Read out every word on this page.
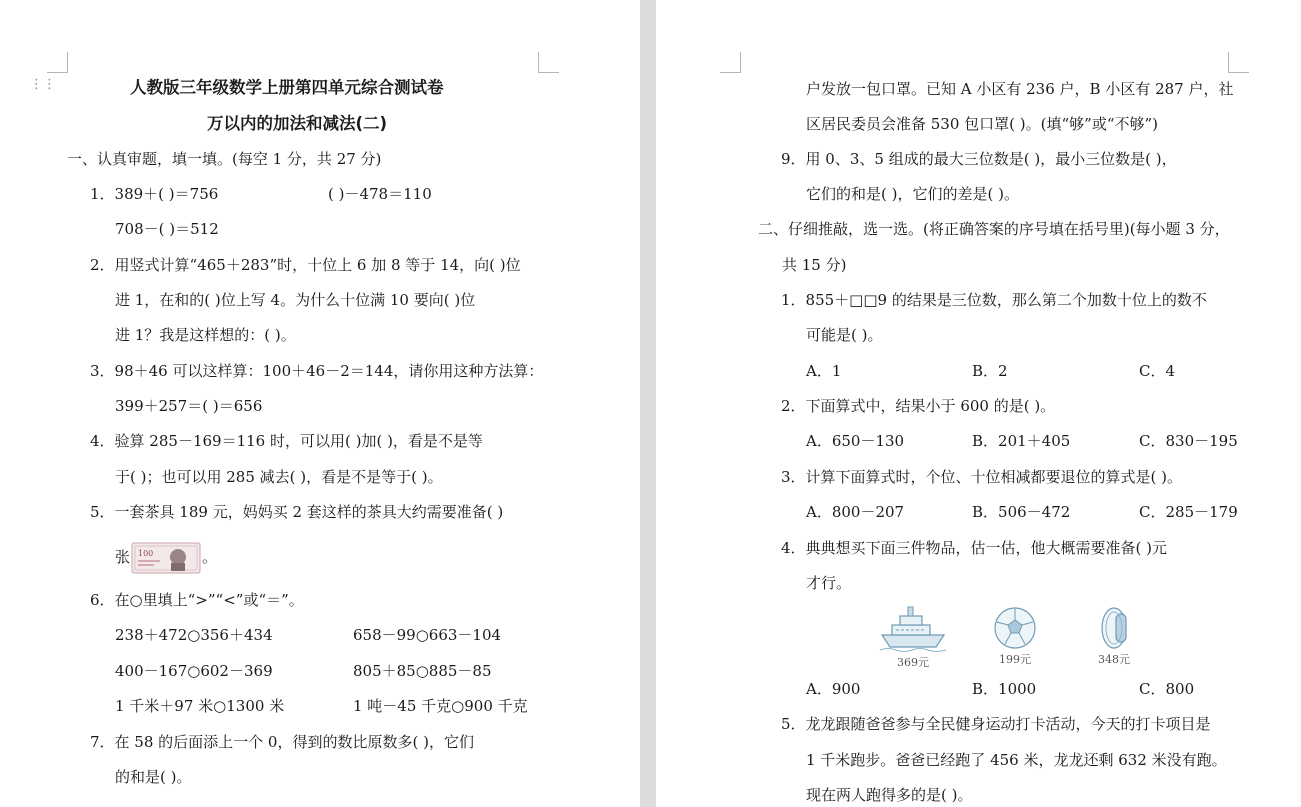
⋮⋮	人教版三年级数学上册第四单元综合测试卷
万以内的加法和减法(二)
一、认真审题，填一填。(每空 1 分，共 27 分)
1．389＋( )＝756	( )－478＝110
708－( )＝512
2．用竖式计算“465＋283”时，十位上 6 加 8 等于 14，向( )位
进 1，在和的( )位上写 4。为什么十位满 10 要向( )位
进 1？我是这样想的：( )。
3．98＋46 可以这样算：100＋46－2＝144，请你用这种方法算：
399＋257＝( )＝656
4．验算 285－169＝116 时，可以用( )加( )，看是不是等
于( )；也可以用 285 减去( )，看是不是等于( )。
5．一套茶具 189 元，妈妈买 2 套这样的茶具大约需要准备( )
张 100	。
6．在○里填上“>”“<”或“＝”。
238＋472○356＋434	658－99○663－104
400－167○602－369	805＋85○885－85
1 千米＋97 米○1300 米	1 吨－45 千克○900 千克
7．在 58 的后面添上一个 0，得到的数比原数多( )，它们
的和是( )。
户发放一包口罩。已知 A 小区有 236 户，B 小区有 287 户，社
区居民委员会准备 530 包口罩( )。(填“够”或“不够”)
9．用 0、3、5 组成的最大三位数是( )，最小三位数是( )，
它们的和是( )，它们的差是( )。
二、仔细推敲，选一选。(将正确答案的序号填在括号里)(每小题 3 分，
共 15 分)
1．855＋□□9 的结果是三位数，那么第二个加数十位上的数不
可能是( )。
A．1	B．2	C．4
2．下面算式中，结果小于 600 的是( )。
A．650－130	B．201＋405	C．830－195
3．计算下面算式时，个位、十位相减都要退位的算式是( )。
A．800－207	B．506－472	C．285－179
4．典典想买下面三件物品，估一估，他大概需要准备( )元
才行。
369元	199元	348元
A．900	B．1000	C．800
5．龙龙跟随爸爸参与全民健身运动打卡活动，今天的打卡项目是
1 千米跑步。爸爸已经跑了 456 米，龙龙还剩 632 米没有跑。
现在两人跑得多的是( )。
